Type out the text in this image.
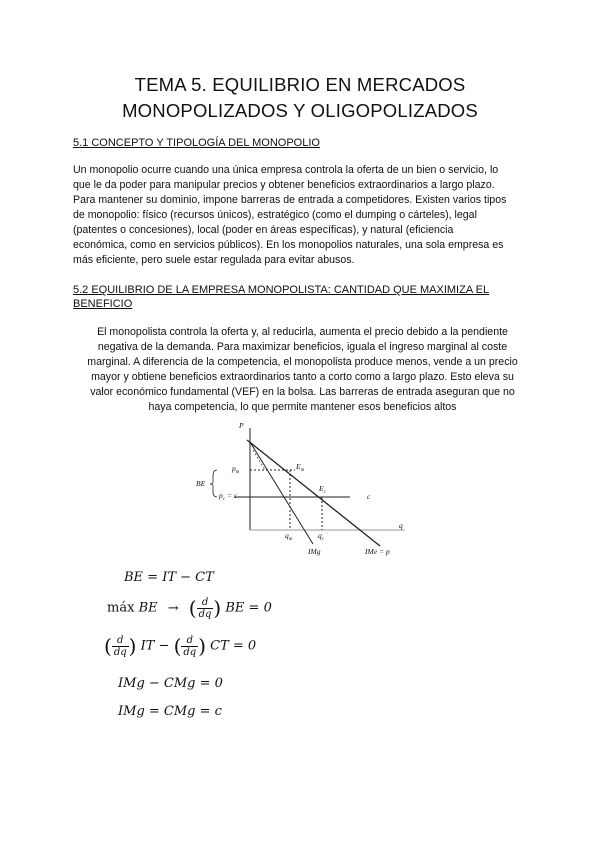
TEMA 5. EQUILIBRIO EN MERCADOS
MONOPOLIZADOS Y OLIGOPOLIZADOS
5.1 CONCEPTO Y TIPOLOGÍA DEL MONOPOLIO
Un monopolio ocurre cuando una única empresa controla la oferta de un bien o servicio, lo
que le da poder para manipular precios y obtener beneficios extraordinarios a largo plazo.
Para mantener su dominio, impone barreras de entrada a competidores. Existen varios tipos
de monopolio: físico (recursos únicos), estratégico (como el dumping o cárteles), legal
(patentes o concesiones), local (poder en áreas específicas), y natural (eficiencia
económica, como en servicios públicos). En los monopolios naturales, una sola empresa es
más eficiente, pero suele estar regulada para evitar abusos.
5.2 EQUILIBRIO DE LA EMPRESA MONOPOLISTA: CANTIDAD QUE MAXIMIZA EL
BENEFICIO
El monopolista controla la oferta y, al reducirla, aumenta el precio debido a la pendiente
negativa de la demanda. Para maximizar beneficios, iguala el ingreso marginal al coste
marginal. A diferencia de la competencia, el monopolista produce menos, vende a un precio
mayor y obtiene beneficios extraordinarios tanto a corto como a largo plazo. Esto eleva su
valor económico fundamental (VEF) en la bolsa. Las barreras de entrada aseguran que no
haya competencia, lo que permite mantener esos beneficios altos
P
q
$p_m$
$p_c = c$
BE
$q_m$	$q_c$
$E_m$
$E_c$	c
IMg	IMe = p
BE = IT − CT
máx BE → ( $\frac{d}{dq}$ ) BE = 0
( $\frac{d}{dq}$ ) IT − ( $\frac{d}{dq}$ ) CT = 0
IMg − CMg = 0
IMg = CMg = c
